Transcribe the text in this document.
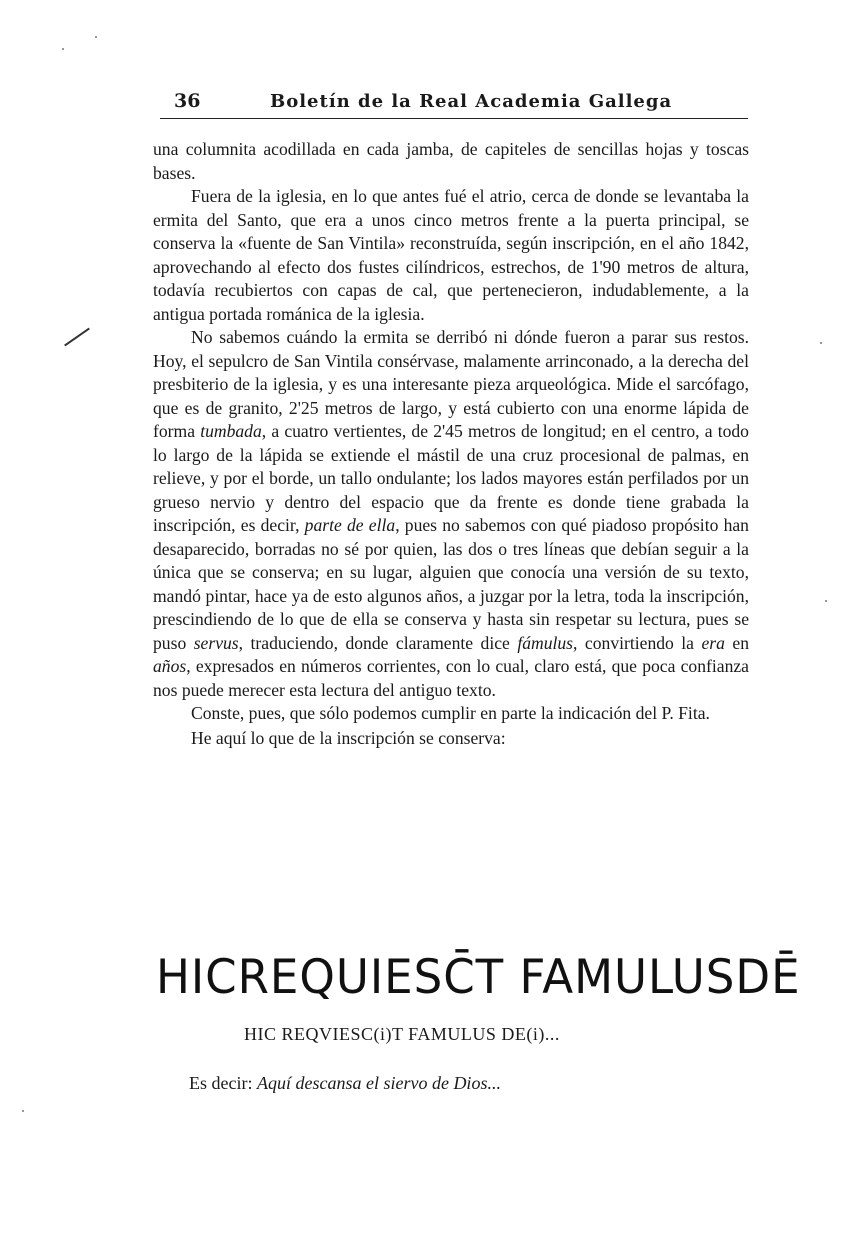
36	Boletín de la Real Academia Gallega

una columnita acodillada en cada jamba, de capiteles de sencillas hojas y toscas bases.

Fuera de la iglesia, en lo que antes fué el atrio, cerca de donde se levantaba la ermita del Santo, que era a unos cinco metros frente a la puerta principal, se conserva la «fuente de San Vintila» reconstruída, según inscripción, en el año 1842, aprovechando al efecto dos fustes cilíndricos, estrechos, de 1'90 metros de altura, todavía recubiertos con capas de cal, que pertenecieron, indudablemente, a la antigua portada románica de la iglesia.

No sabemos cuándo la ermita se derribó ni dónde fueron a parar sus restos. Hoy, el sepulcro de San Vintila consérvase, malamente arrinconado, a la derecha del presbiterio de la iglesia, y es una interesante pieza arqueológica. Mide el sarcófago, que es de granito, 2'25 metros de largo, y está cubierto con una enorme lápida de forma tumbada, a cuatro vertientes, de 2'45 metros de longitud; en el centro, a todo lo largo de la lápida se extiende el mástil de una cruz procesional de palmas, en relieve, y por el borde, un tallo ondulante; los lados mayores están perfilados por un grueso nervio y dentro del espacio que da frente es donde tiene grabada la inscripción, es decir, parte de ella, pues no sabemos con qué piadoso propósito han desaparecido, borradas no sé por quien, las dos o tres líneas que debían seguir a la única que se conserva; en su lugar, alguien que conocía una versión de su texto, mandó pintar, hace ya de esto algunos años, a juzgar por la letra, toda la inscripción, prescindiendo de lo que de ella se conserva y hasta sin respetar su lectura, pues se puso servus, traduciendo, donde claramente dice fámulus, convirtiendo la era en años, expresados en números corrientes, con lo cual, claro está, que poca confianza nos puede merecer esta lectura del antiguo texto.

Conste, pues, que sólo podemos cumplir en parte la indicación del P. Fita.

He aquí lo que de la inscripción se conserva:

HICREQUIESC̄T FAMULUSDĒ
HIC REQVIESC(i)T FAMULUS DE(i)...
Es decir: Aquí descansa el siervo de Dios...
